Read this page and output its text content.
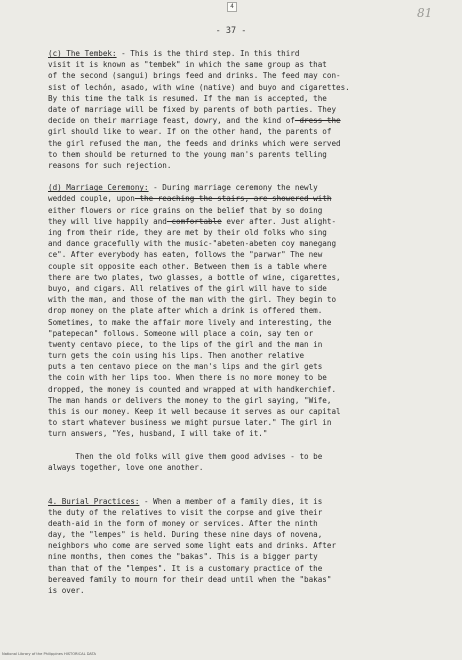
4	81
- 37 -
(c) The Tembek: - This is the third step. In this third
visit it is known as "tembek" in which the same group as that
of the second (sangui) brings feed and drinks. The feed may con-
sist of lechón, asado, with wine (native) and buyo and cigarettes.
By this time the talk is resumed. If the man is accepted, the
date of marriage will be fixed by parents of both parties. They
decide on their marriage feast, dowry, and the kind of dress the
girl should like to wear. If on the other hand, the parents of
the girl refused the man, the feeds and drinks which were served
to them should be returned to the young man's parents telling
reasons for such rejection.
(d) Marriage Ceremony: - During marriage ceremony the newly
wedded couple, upon the reaching the stairs, are showered with
either flowers or rice grains on the belief that by so doing
they will live happily and comfortable ever after. Just alight-
ing from their ride, they are met by their old folks who sing
and dance gracefully with the music-"abeten-abeten coy manegang
ce". After everybody has eaten, follows the "parwar" The new
couple sit opposite each other. Between them is a table where
there are two plates, two glasses, a bottle of wine, cigarettes,
buyo, and cigars. All relatives of the girl will have to side
with the man, and those of the man with the girl. They begin to
drop money on the plate after which a drink is offered them.
Sometimes, to make the affair more lively and interesting, the
"patepecan" follows. Someone will place a coin, say ten or
twenty centavo piece, to the lips of the girl and the man in
turn gets the coin using his lips. Then another relative
puts a ten centavo piece on the man's lips and the girl gets
the coin with her lips too. When there is no more money to be
dropped, the money is counted and wrapped at with handkerchief.
The man hands or delivers the money to the girl saying, "Wife,
this is our money. Keep it well because it serves as our capital
to start whatever business we might pursue later." The girl in
turn answers, "Yes, husband, I will take of it."
Then the old folks will give them good advises - to be
always together, love one another.
4. Burial Practices: - When a member of a family dies, it is
the duty of the relatives to visit the corpse and give their
death-aid in the form of money or services. After the ninth
day, the "lempes" is held. During these nine days of novena,
neighbors who come are served some light eats and drinks. After
nine months, then comes the "bakas". This is a bigger party
than that of the "lempes". It is a customary practice of the
bereaved family to mourn for their dead until when the "bakas"
is over.
National Library of the Philippines HISTORICAL DATA
